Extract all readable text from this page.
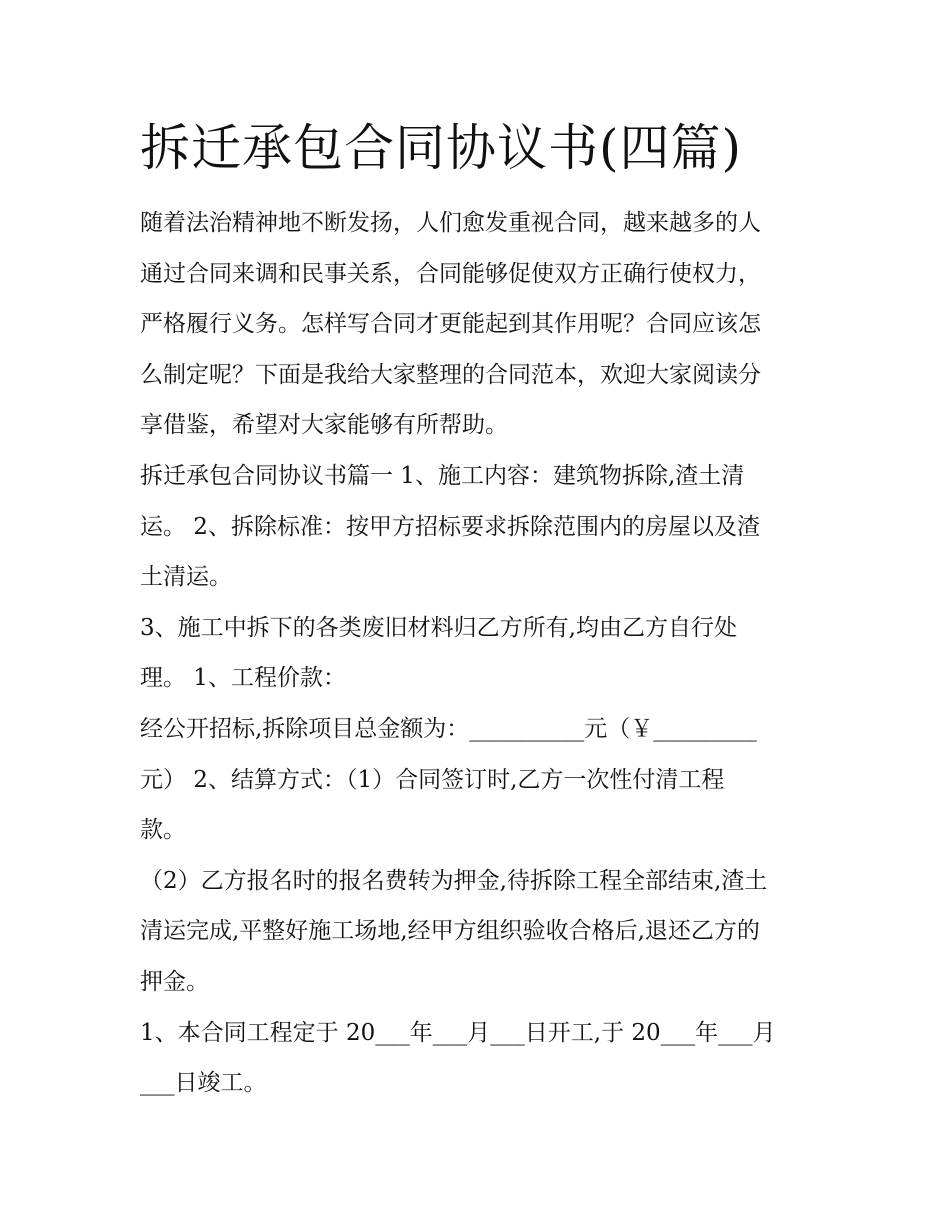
拆迁承包合同协议书(四篇)

随着法治精神地不断发扬，人们愈发重视合同，越来越多的人
通过合同来调和民事关系，合同能够促使双方正确行使权力，
严格履行义务。怎样写合同才更能起到其作用呢？合同应该怎
么制定呢？下面是我给大家整理的合同范本，欢迎大家阅读分
享借鉴，希望对大家能够有所帮助。

拆迁承包合同协议书篇一 1、施工内容：建筑物拆除,渣土清
运。 2、拆除标准：按甲方招标要求拆除范围内的房屋以及渣
土清运。

3、施工中拆下的各类废旧材料归乙方所有,均由乙方自行处
理。 1、工程价款：

经公开招标,拆除项目总金额为：__________元（￥_________
元） 2、结算方式：（1）合同签订时,乙方一次性付清工程
款。

（2）乙方报名时的报名费转为押金,待拆除工程全部结束,渣土
清运完成,平整好施工场地,经甲方组织验收合格后,退还乙方的
押金。

1、本合同工程定于 20___年___月___日开工,于 20___年___月
___日竣工。
